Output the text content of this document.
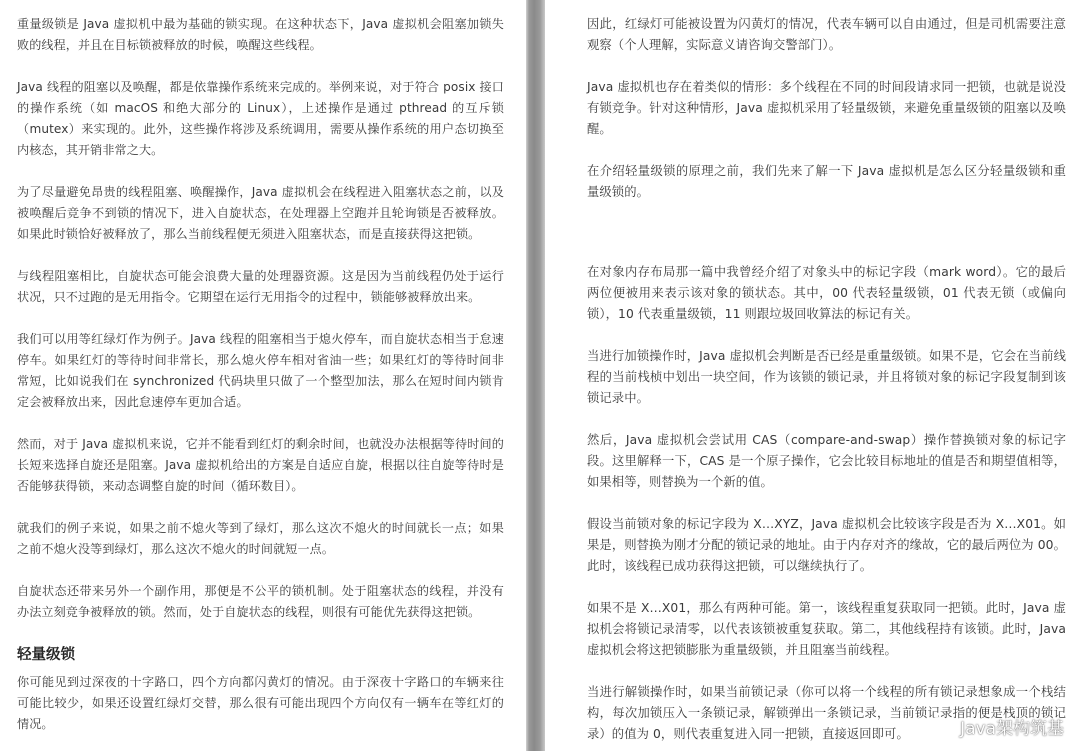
重量级锁是 Java 虚拟机中最为基础的锁实现。在这种状态下，Java 虚拟机会阻塞加锁失败的线程，并且在目标锁被释放的时候，唤醒这些线程。

Java 线程的阻塞以及唤醒，都是依靠操作系统来完成的。举例来说，对于符合 posix 接口的操作系统（如 macOS 和绝大部分的 Linux），上述操作是通过 pthread 的互斥锁（mutex）来实现的。此外，这些操作将涉及系统调用，需要从操作系统的用户态切换至内核态，其开销非常之大。

为了尽量避免昂贵的线程阻塞、唤醒操作，Java 虚拟机会在线程进入阻塞状态之前，以及被唤醒后竞争不到锁的情况下，进入自旋状态，在处理器上空跑并且轮询锁是否被释放。如果此时锁恰好被释放了，那么当前线程便无须进入阻塞状态，而是直接获得这把锁。

与线程阻塞相比，自旋状态可能会浪费大量的处理器资源。这是因为当前线程仍处于运行状况，只不过跑的是无用指令。它期望在运行无用指令的过程中，锁能够被释放出来。

我们可以用等红绿灯作为例子。Java 线程的阻塞相当于熄火停车，而自旋状态相当于怠速停车。如果红灯的等待时间非常长，那么熄火停车相对省油一些；如果红灯的等待时间非常短，比如说我们在 synchronized 代码块里只做了一个整型加法，那么在短时间内锁肯定会被释放出来，因此怠速停车更加合适。

然而，对于 Java 虚拟机来说，它并不能看到红灯的剩余时间，也就没办法根据等待时间的长短来选择自旋还是阻塞。Java 虚拟机给出的方案是自适应自旋，根据以往自旋等待时是否能够获得锁，来动态调整自旋的时间（循环数目）。

就我们的例子来说，如果之前不熄火等到了绿灯，那么这次不熄火的时间就长一点；如果之前不熄火没等到绿灯，那么这次不熄火的时间就短一点。

自旋状态还带来另外一个副作用，那便是不公平的锁机制。处于阻塞状态的线程，并没有办法立刻竞争被释放的锁。然而，处于自旋状态的线程，则很有可能优先获得这把锁。

轻量级锁

你可能见到过深夜的十字路口，四个方向都闪黄灯的情况。由于深夜十字路口的车辆来往可能比较少，如果还设置红绿灯交替，那么很有可能出现四个方向仅有一辆车在等红灯的情况。

因此，红绿灯可能被设置为闪黄灯的情况，代表车辆可以自由通过，但是司机需要注意观察（个人理解，实际意义请咨询交警部门）。

Java 虚拟机也存在着类似的情形：多个线程在不同的时间段请求同一把锁，也就是说没有锁竞争。针对这种情形，Java 虚拟机采用了轻量级锁，来避免重量级锁的阻塞以及唤醒。

在介绍轻量级锁的原理之前，我们先来了解一下 Java 虚拟机是怎么区分轻量级锁和重量级锁的。

在对象内存布局那一篇中我曾经介绍了对象头中的标记字段（mark word）。它的最后两位便被用来表示该对象的锁状态。其中，00 代表轻量级锁，01 代表无锁（或偏向锁），10 代表重量级锁，11 则跟垃圾回收算法的标记有关。

当进行加锁操作时，Java 虚拟机会判断是否已经是重量级锁。如果不是，它会在当前线程的当前栈桢中划出一块空间，作为该锁的锁记录，并且将锁对象的标记字段复制到该锁记录中。

然后，Java 虚拟机会尝试用 CAS（compare-and-swap）操作替换锁对象的标记字段。这里解释一下，CAS 是一个原子操作，它会比较目标地址的值是否和期望值相等，如果相等，则替换为一个新的值。

假设当前锁对象的标记字段为 X…XYZ，Java 虚拟机会比较该字段是否为 X…X01。如果是，则替换为刚才分配的锁记录的地址。由于内存对齐的缘故，它的最后两位为 00。此时，该线程已成功获得这把锁，可以继续执行了。

如果不是 X…X01，那么有两种可能。第一，该线程重复获取同一把锁。此时，Java 虚拟机会将锁记录清零，以代表该锁被重复获取。第二，其他线程持有该锁。此时，Java 虚拟机会将这把锁膨胀为重量级锁，并且阻塞当前线程。

当进行解锁操作时，如果当前锁记录（你可以将一个线程的所有锁记录想象成一个栈结构，每次加锁压入一条锁记录，解锁弹出一条锁记录，当前锁记录指的便是栈顶的锁记录）的值为 0，则代表重复进入同一把锁，直接返回即可。	Java架构筑基
